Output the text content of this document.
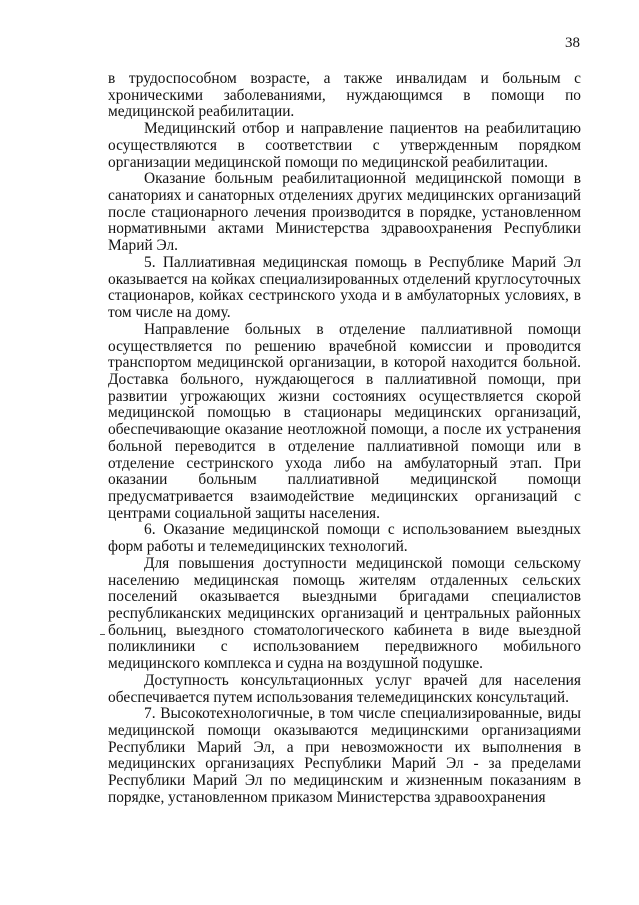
38

в трудоспособном возрасте, а также инвалидам и больным с хроническими заболеваниями, нуждающимся в помощи по медицинской реабилитации.

Медицинский отбор и направление пациентов на реабилитацию осуществляются в соответствии с утвержденным порядком организации медицинской помощи по медицинской реабилитации.

Оказание больным реабилитационной медицинской помощи в санаториях и санаторных отделениях других медицинских организаций после стационарного лечения производится в порядке, установленном нормативными актами Министерства здравоохранения Республики Марий Эл.

5. Паллиативная медицинская помощь в Республике Марий Эл оказывается на койках специализированных отделений круглосуточных стационаров, койках сестринского ухода и в амбулаторных условиях, в том числе на дому.

Направление больных в отделение паллиативной помощи осуществляется по решению врачебной комиссии и проводится транспортом медицинской организации, в которой находится больной. Доставка больного, нуждающегося в паллиативной помощи, при развитии угрожающих жизни состояниях осуществляется скорой медицинской помощью в стационары медицинских организаций, обеспечивающие оказание неотложной помощи, а после их устранения больной переводится в отделение паллиативной помощи или в отделение сестринского ухода либо на амбулаторный этап. При оказании больным паллиативной медицинской помощи предусматривается взаимодействие медицинских организаций с центрами социальной защиты населения.

6. Оказание медицинской помощи с использованием выездных форм работы и телемедицинских технологий.

Для повышения доступности медицинской помощи сельскому населению медицинская помощь жителям отдаленных сельских поселений оказывается выездными бригадами специалистов республиканских медицинских организаций и центральных районных больниц, выездного стоматологического кабинета в виде выездной поликлиники с использованием передвижного мобильного медицинского комплекса и судна на воздушной подушке.

Доступность консультационных услуг врачей для населения обеспечивается путем использования телемедицинских консультаций.

7. Высокотехнологичные, в том числе специализированные, виды медицинской помощи оказываются медицинскими организациями Республики Марий Эл, а при невозможности их выполнения в медицинских организациях Республики Марий Эл - за пределами Республики Марий Эл по медицинским и жизненным показаниям в порядке, установленном приказом Министерства здравоохранения
